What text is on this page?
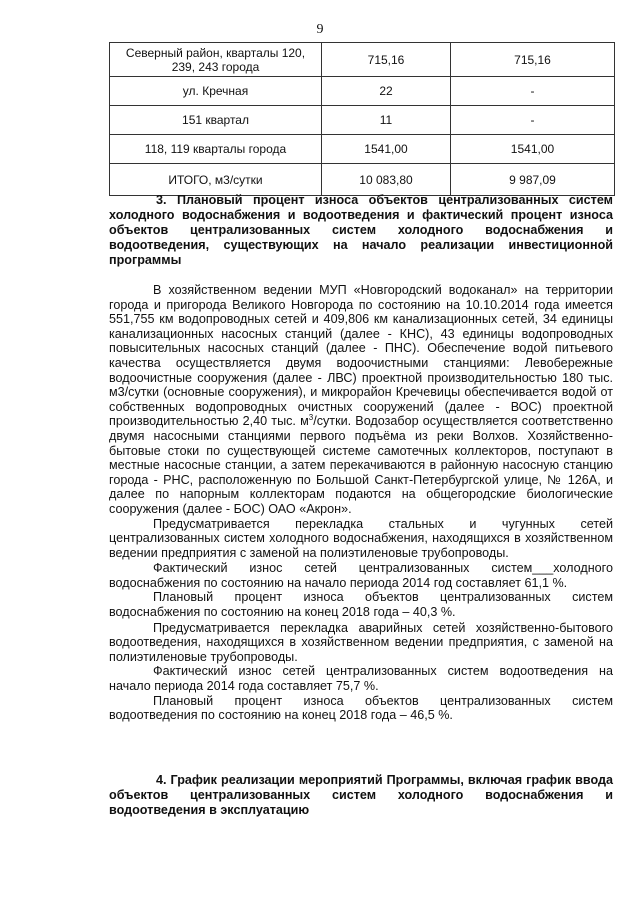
9
Северный район, кварталы 120, 239, 243 города	715,16	715,16
ул. Кречная	22	-
151 квартал	11	-
118, 119 кварталы города	1541,00	1541,00
ИТОГО, м3/сутки	10 083,80	9 987,09

3. Плановый процент износа объектов централизованных систем холодного водоснабжения и водоотведения и фактический процент износа объектов централизованных систем холодного водоснабжения и водоотведения, существующих на начало реализации инвестиционной программы

В хозяйственном ведении МУП «Новгородский водоканал» на территории города и пригорода Великого Новгорода по состоянию на 10.10.2014 года имеется 551,755 км водопроводных сетей и 409,806 км канализационных сетей, 34 единицы канализационных насосных станций (далее - КНС), 43 единицы водопроводных повысительных насосных станций (далее - ПНС). Обеспечение водой питьевого качества осуществляется двумя водоочистными станциями: Левобережные водоочистные сооружения (далее - ЛВС) проектной производительностью 180 тыс. м3/сутки (основные сооружения), и микрорайон Кречевицы обеспечивается водой от собственных водопроводных очистных сооружений (далее - ВОС) проектной производительностью 2,40 тыс. $м^3$/сутки. Водозабор осуществляется соответственно двумя насосными станциями первого подъёма из реки Волхов. Хозяйственно-бытовые стоки по существующей системе самотечных коллекторов, поступают в местные насосные станции, а затем перекачиваются в районную насосную станцию города - РНС, расположенную по Большой Санкт-Петербургской улице, № 126А, и далее по напорным коллекторам подаются на общегородские биологические сооружения (далее - БОС) ОАО «Акрон».

Предусматривается перекладка стальных и чугунных сетей централизованных систем холодного водоснабжения, находящихся в хозяйственном ведении предприятия с заменой на полиэтиленовые трубопроводы.

Фактический износ сетей централизованных систем___холодного водоснабжения по состоянию на начало периода 2014 год составляет 61,1 %.

Плановый процент износа объектов централизованных систем водоснабжения по состоянию на конец 2018 года – 40,3 %.

Предусматривается перекладка аварийных сетей хозяйственно-бытового водоотведения, находящихся в хозяйственном ведении предприятия, с заменой на полиэтиленовые трубопроводы.

Фактический износ сетей централизованных систем водоотведения на начало периода 2014 года составляет 75,7 %.

Плановый процент износа объектов централизованных систем водоотведения по состоянию на конец 2018 года – 46,5 %.

4. График реализации мероприятий Программы, включая график ввода объектов централизованных систем холодного водоснабжения и водоотведения в эксплуатацию
